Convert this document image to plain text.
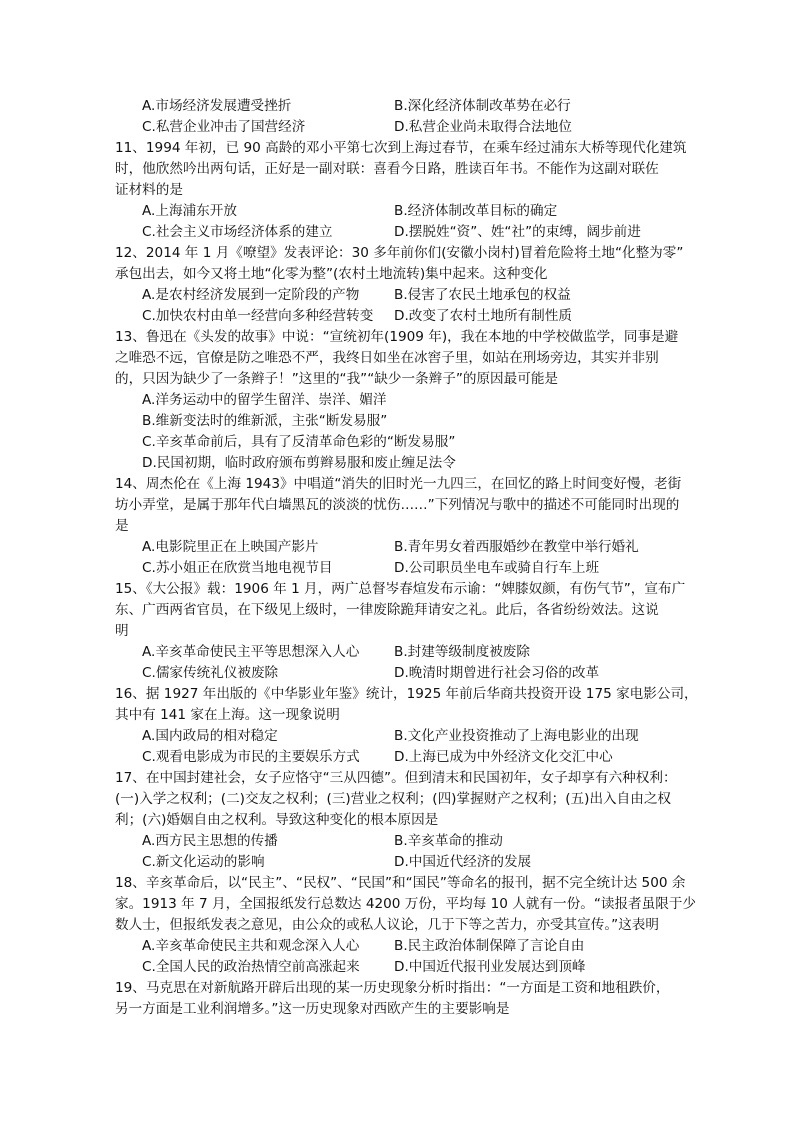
A.市场经济发展遭受挫折	B.深化经济体制改革势在必行
C.私营企业冲击了国营经济	D.私营企业尚未取得合法地位
11、1994 年初，已 90 高龄的邓小平第七次到上海过春节，在乘车经过浦东大桥等现代化建筑
时，他欣然吟出两句话，正好是一副对联：喜看今日路，胜读百年书。不能作为这副对联佐
证材料的是
A.上海浦东开放	B.经济体制改革目标的确定
C.社会主义市场经济体系的建立	D.摆脱姓“资”、姓“社”的束缚，阔步前进
12、2014 年 1 月《嘹望》发表评论：30 多年前你们(安徽小岗村)冒着危险将土地“化整为零”
承包出去，如今又将土地“化零为整”(农村土地流转)集中起来。这种变化
A.是农村经济发展到一定阶段的产物	B.侵害了农民土地承包的权益
C.加快农村由单一经营向多种经营转变 D.改变了农村土地所有制性质
13、鲁迅在《头发的故事》中说：“宣统初年(1909 年)，我在本地的中学校做监学，同事是避
之唯恐不远，官僚是防之唯恐不严，我终日如坐在冰窖子里，如站在刑场旁边，其实并非别
的，只因为缺少了一条辫子！”这里的“我”“缺少一条辫子”的原因最可能是
A.洋务运动中的留学生留洋、崇洋、媚洋
B.维新变法时的维新派，主张“断发易服”
C.辛亥革命前后，具有了反清革命色彩的“断发易服”
D.民国初期，临时政府颁布剪辫易服和废止缠足法令
14、周杰伦在《上海 1943》中唱道“消失的旧时光一九四三，在回忆的路上时间变好慢，老街
坊小弄堂，是属于那年代白墙黑瓦的淡淡的忧伤……”下列情况与歌中的描述不可能同时出现的
是
A.电影院里正在上映国产影片	B.青年男女着西服婚纱在教堂中举行婚礼
C.苏小姐正在欣赏当地电视节目	D.公司职员坐电车或骑自行车上班
15、《大公报》载：1906 年 1 月，两广总督岑春煊发布示谕：“婢膝奴颜，有伤气节”，宣布广
东、广西两省官员，在下级见上级时，一律废除跪拜请安之礼。此后，各省纷纷效法。这说
明
A.辛亥革命使民主平等思想深入人心	B.封建等级制度被废除
C.儒家传统礼仪被废除	D.晚清时期曾进行社会习俗的改革
16、据 1927 年出版的《中华影业年鉴》统计，1925 年前后华商共投资开设 175 家电影公司，
其中有 141 家在上海。这一现象说明
A.国内政局的相对稳定	B.文化产业投资推动了上海电影业的出现
C.观看电影成为市民的主要娱乐方式	D.上海已成为中外经济文化交汇中心
17、在中国封建社会，女子应恪守“三从四德”。但到清末和民国初年，女子却享有六种权利：
(一)入学之权利；(二)交友之权利；(三)营业之权利；(四)掌握财产之权利；(五)出入自由之权
利；(六)婚姻自由之权利。导致这种变化的根本原因是
A.西方民主思想的传播	B.辛亥革命的推动
C.新文化运动的影响	D.中国近代经济的发展
18、辛亥革命后，以“民主”、“民权”、“民国”和“国民”等命名的报刊，据不完全统计达 500 余
家。1913 年 7 月，全国报纸发行总数达 4200 万份，平均每 10 人就有一份。“读报者虽限于少
数人士，但报纸发表之意见，由公众的或私人议论，几于下等之苦力，亦受其宣传。”这表明
A.辛亥革命使民主共和观念深入人心	B.民主政治体制保障了言论自由
C.全国人民的政治热情空前高涨起来	D.中国近代报刊业发展达到顶峰
19、马克思在对新航路开辟后出现的某一历史现象分析时指出：“一方面是工资和地租跌价，
另一方面是工业利润增多。”这一历史现象对西欧产生的主要影响是
